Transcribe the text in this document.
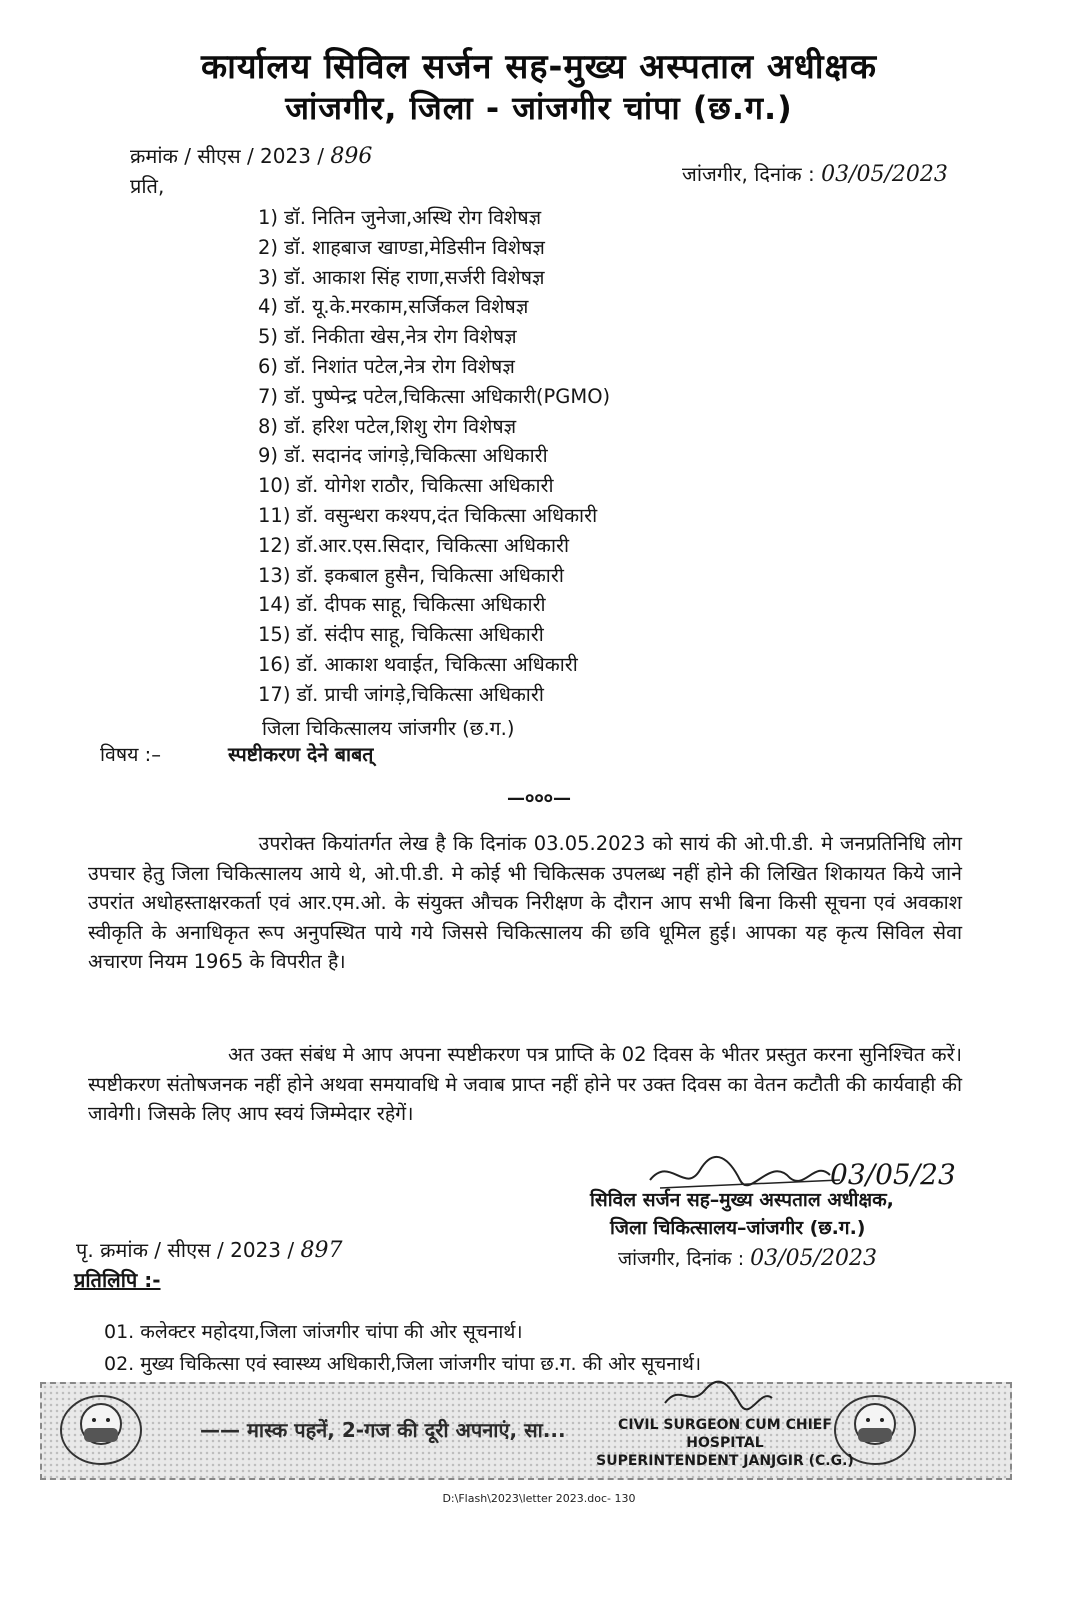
कार्यालय सिविल सर्जन सह-मुख्य अस्पताल अधीक्षक
जांजगीर, जिला - जांजगीर चांपा (छ.ग.)
क्रमांक / सीएस / 2023 / 896
जांजगीर, दिनांक : 03/05/2023
प्रति,
1) डॉ. नितिन जुनेजा,अस्थि रोग विशेषज्ञ
2) डॉ. शाहबाज खाण्डा,मेडिसीन विशेषज्ञ
3) डॉ. आकाश सिंह राणा,सर्जरी विशेषज्ञ
4) डॉ. यू.के.मरकाम,सर्जिकल विशेषज्ञ
5) डॉ. निकीता खेस,नेत्र रोग विशेषज्ञ
6) डॉ. निशांत पटेल,नेत्र रोग विशेषज्ञ
7) डॉ. पुष्पेन्द्र पटेल,चिकित्सा अधिकारी(PGMO)
8) डॉ. हरिश पटेल,शिशु रोग विशेषज्ञ
9) डॉ. सदानंद जांगड़े,चिकित्सा अधिकारी
10) डॉ. योगेश राठौर, चिकित्सा अधिकारी
11) डॉ. वसुन्धरा कश्यप,दंत चिकित्सा अधिकारी
12) डॉ.आर.एस.सिदार, चिकित्सा अधिकारी
13) डॉ. इकबाल हुसैन, चिकित्सा अधिकारी
14) डॉ. दीपक साहू, चिकित्सा अधिकारी
15) डॉ. संदीप साहू, चिकित्सा अधिकारी
16) डॉ. आकाश थवाईत, चिकित्सा अधिकारी
17) डॉ. प्राची जांगड़े,चिकित्सा अधिकारी
जिला चिकित्सालय जांजगीर (छ.ग.)
विषय :–	स्पष्टीकरण देने बाबत्
—०००—
उपरोक्त कियांतर्गत लेख है कि दिनांक 03.05.2023 को सायं की ओ.पी.डी. मे जनप्रतिनिधि लोग उपचार हेतु जिला चिकित्सालय आये थे, ओ.पी.डी. मे कोई भी चिकित्सक उपलब्ध नहीं होने की लिखित शिकायत किये जाने उपरांत अधोहस्ताक्षरकर्ता एवं आर.एम.ओ. के संयुक्त औचक निरीक्षण के दौरान आप सभी बिना किसी सूचना एवं अवकाश स्वीकृति के अनाधिकृत रूप अनुपस्थित पाये गये जिससे चिकित्सालय की छवि धूमिल हुई। आपका यह कृत्य सिविल सेवा अचारण नियम 1965 के विपरीत है।
अत उक्त संबंध मे आप अपना स्पष्टीकरण पत्र प्राप्ति के 02 दिवस के भीतर प्रस्तुत करना सुनिश्चित करें। स्पष्टीकरण संतोषजनक नहीं होने अथवा समयावधि मे जवाब प्राप्त नहीं होने पर उक्त दिवस का वेतन कटौती की कार्यवाही की जावेगी। जिसके लिए आप स्वयं जिम्मेदार रहेगें।
03/05/23
सिविल सर्जन सह–मुख्य अस्पताल अधीक्षक,
जिला चिकित्सालय–जांजगीर (छ.ग.)
जांजगीर, दिनांक : 03/05/2023
पृ. क्रमांक / सीएस / 2023 / 897
प्रतिलिपि :-
01. कलेक्टर महोदया,जिला जांजगीर चांपा की ओर सूचनार्थ।
02. मुख्य चिकित्सा एवं स्वास्थ्य अधिकारी,जिला जांजगीर चांपा छ.ग. की ओर सूचनार्थ।
—— मास्क पहनें, 2-गज की दूरी अपनाएं, सा...	CIVIL SURGEON CUM CHIEF HOSPITAL
SUPERINTENDENT JANJGIR (C.G.)
D:\Flash\2023\letter 2023.doc- 130
